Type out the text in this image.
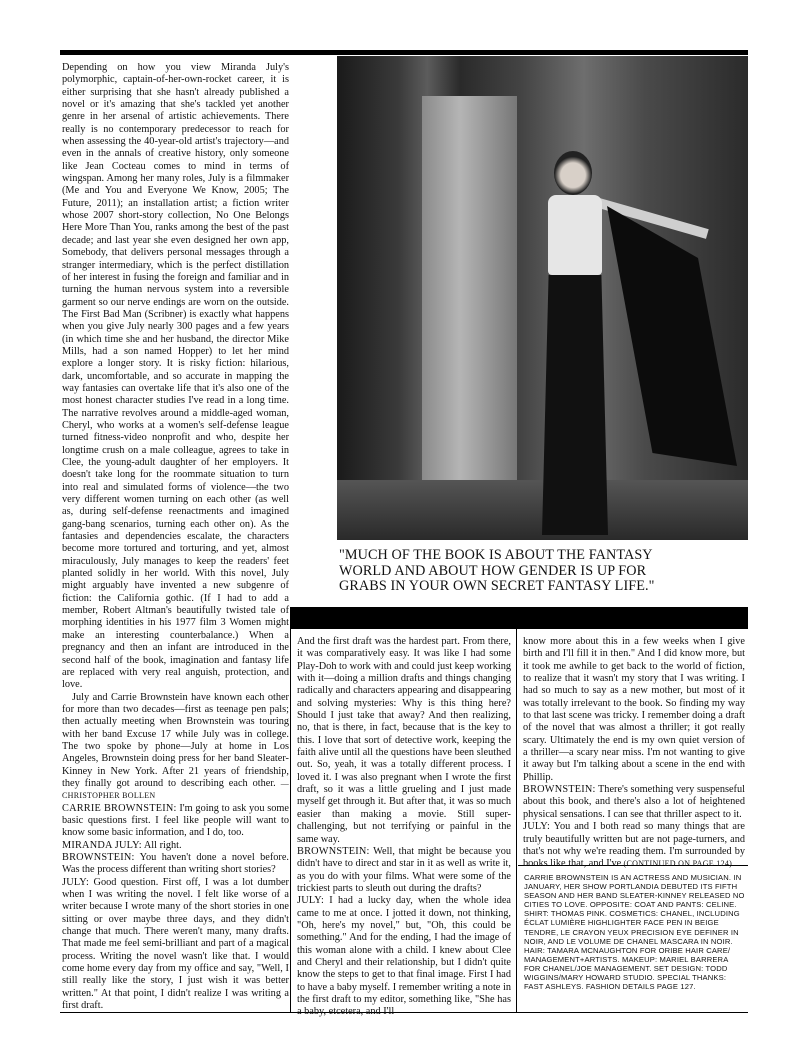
Depending on how you view Miranda July's polymorphic, captain-of-her-own-rocket career, it is either surprising that she hasn't already published a novel or it's amazing that she's tackled yet another genre in her arsenal of artistic achievements. There really is no contemporary predecessor to reach for when assessing the 40-year-old artist's trajectory—and even in the annals of creative history, only someone like Jean Cocteau comes to mind in terms of wingspan. Among her many roles, July is a filmmaker (Me and You and Everyone We Know, 2005; The Future, 2011); an installation artist; a fiction writer whose 2007 short-story collection, No One Belongs Here More Than You, ranks among the best of the past decade; and last year she even designed her own app, Somebody, that delivers personal messages through a stranger intermediary, which is the perfect distillation of her interest in fusing the foreign and familiar and in turning the human nervous system into a reversible garment so our nerve endings are worn on the outside. The First Bad Man (Scribner) is exactly what happens when you give July nearly 300 pages and a few years (in which time she and her husband, the director Mike Mills, had a son named Hopper) to let her mind explore a longer story. It is risky fiction: hilarious, dark, uncomfortable, and so accurate in mapping the way fantasies can overtake life that it's also one of the most honest character studies I've read in a long time. The narrative revolves around a middle-aged woman, Cheryl, who works at a women's self-defense league turned fitness-video nonprofit and who, despite her longtime crush on a male colleague, agrees to take in Clee, the young-adult daughter of her employers. It doesn't take long for the roommate situation to turn into real and simulated forms of violence—the two very different women turning on each other (as well as, during self-defense reenactments and imagined gang-bang scenarios, turning each other on). As the fantasies and dependencies escalate, the characters become more tortured and torturing, and yet, almost miraculously, July manages to keep the readers' feet planted solidly in her world. With this novel, July might arguably have invented a new subgenre of fiction: the California gothic. (If I had to add a member, Robert Altman's beautifully twisted tale of morphing identities in his 1977 film 3 Women might make an interesting counterbalance.) When a pregnancy and then an infant are introduced in the second half of the book, imagination and fantasy life are replaced with very real anguish, protection, and love.

July and Carrie Brownstein have known each other for more than two decades—first as teenage pen pals; then actually meeting when Brownstein was touring with her band Excuse 17 while July was in college. The two spoke by phone—July at home in Los Angeles, Brownstein doing press for her band Sleater-Kinney in New York. After 21 years of friendship, they finally got around to describing each other. —CHRISTOPHER BOLLEN

CARRIE BROWNSTEIN: I'm going to ask you some basic questions first. I feel like people will want to know some basic information, and I do, too.

MIRANDA JULY: All right.

BROWNSTEIN: You haven't done a novel before. Was the process different than writing short stories?

JULY: Good question. First off, I was a lot dumber when I was writing the novel. I felt like worse of a writer because I wrote many of the short stories in one sitting or over maybe three days, and they didn't change that much. There weren't many, many drafts. That made me feel semi-brilliant and part of a magical process. Writing the novel wasn't like that. I would come home every day from my office and say, "Well, I still really like the story, I just wish it was better written." At that point, I didn't realize I was writing a first draft.

"MUCH OF THE BOOK IS ABOUT THE FANTASY
WORLD AND ABOUT HOW GENDER IS UP FOR
GRABS IN YOUR OWN SECRET FANTASY LIFE."

And the first draft was the hardest part. From there, it was comparatively easy. It was like I had some Play-Doh to work with and could just keep working with it—doing a million drafts and things changing radically and characters appearing and disappearing and solving mysteries: Why is this thing here? Should I just take that away? And then realizing, no, that is there, in fact, because that is the key to this. I love that sort of detective work, keeping the faith alive until all the questions have been sleuthed out. So, yeah, it was a totally different process. I loved it. I was also pregnant when I wrote the first draft, so it was a little grueling and I just made myself get through it. But after that, it was so much easier than making a movie. Still super-challenging, but not terrifying or painful in the same way.

BROWNSTEIN: Well, that might be because you didn't have to direct and star in it as well as write it, as you do with your films. What were some of the trickiest parts to sleuth out during the drafts?

JULY: I had a lucky day, when the whole idea came to me at once. I jotted it down, not thinking, "Oh, here's my novel," but, "Oh, this could be something." And for the ending, I had the image of this woman alone with a child. I knew about Clee and Cheryl and their relationship, but I didn't quite know the steps to get to that final image. First I had to have a baby myself. I remember writing a note in the first draft to my editor, something like, "She has a baby, etcetera, and I'll

know more about this in a few weeks when I give birth and I'll fill it in then." And I did know more, but it took me awhile to get back to the world of fiction, to realize that it wasn't my story that I was writing. I had so much to say as a new mother, but most of it was totally irrelevant to the book. So finding my way to that last scene was tricky. I remember doing a draft of the novel that was almost a thriller; it got really scary. Ultimately the end is my own quiet version of a thriller—a scary near miss. I'm not wanting to give it away but I'm talking about a scene in the end with Phillip.

BROWNSTEIN: There's something very suspenseful about this book, and there's also a lot of heightened physical sensations. I can see that thriller aspect to it.

JULY: You and I both read so many things that are truly beautifully written but are not page-turners, and that's not why we're reading them. I'm surrounded by books like that, and I've (CONTINUED ON PAGE 124)

CARRIE BROWNSTEIN IS AN ACTRESS AND MUSICIAN. IN JANUARY, HER SHOW PORTLANDIA DEBUTED ITS FIFTH SEASON AND HER BAND SLEATER-KINNEY RELEASED NO CITIES TO LOVE. OPPOSITE: COAT AND PANTS: CELINE. SHIRT: THOMAS PINK. COSMETICS: CHANEL, INCLUDING ÉCLAT LUMIÈRE HIGHLIGHTER FACE PEN IN BEIGE TENDRE, LE CRAYON YEUX PRECISION EYE DEFINER IN NOIR, AND LE VOLUME DE CHANEL MASCARA IN NOIR. HAIR: TAMARA MCNAUGHTON FOR ORIBE HAIR CARE/ MANAGEMENT+ARTISTS. MAKEUP: MARIEL BARRERA FOR CHANEL/JOE MANAGEMENT. SET DESIGN: TODD WIGGINS/MARY HOWARD STUDIO. SPECIAL THANKS: FAST ASHLEYS. FASHION DETAILS PAGE 127.
